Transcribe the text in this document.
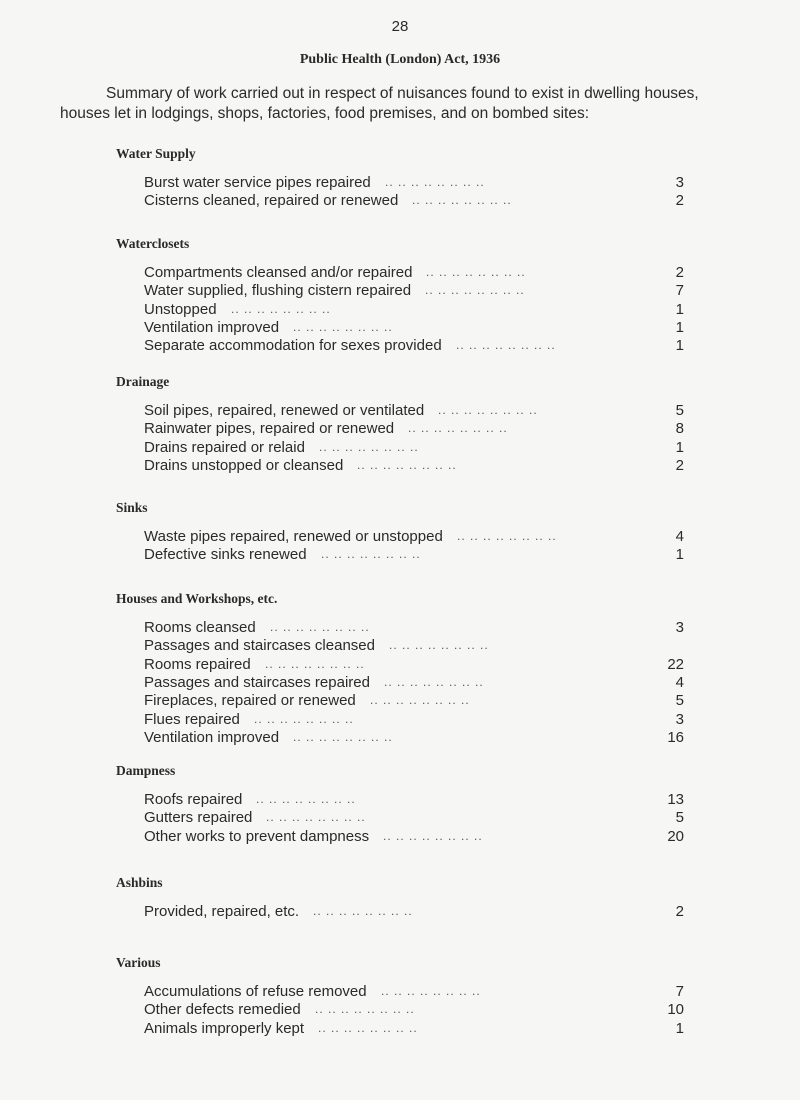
28
Public Health (London) Act, 1936
Summary of work carried out in respect of nuisances found to exist in dwelling houses, houses let in lodgings, shops, factories, food premises, and on bombed sites:
Water Supply
.. .. .. .. .. .. .. ..
Burst water service pipes repaired	3
.. .. .. .. .. .. .. ..
Cisterns cleaned, repaired or renewed	2
Waterclosets
.. .. .. .. .. .. .. ..
Compartments cleansed and/or repaired	2
.. .. .. .. .. .. .. ..
Water supplied, flushing cistern repaired	7
.. .. .. .. .. .. .. ..
Unstopped	1
.. .. .. .. .. .. .. ..
Ventilation improved	1
.. .. .. .. .. .. .. ..
Separate accommodation for sexes provided	1
Drainage
.. .. .. .. .. .. .. ..
Soil pipes, repaired, renewed or ventilated	5
.. .. .. .. .. .. .. ..
Rainwater pipes, repaired or renewed	8
.. .. .. .. .. .. .. ..
Drains repaired or relaid	1
.. .. .. .. .. .. .. ..
Drains unstopped or cleansed	2
Sinks
.. .. .. .. .. .. .. ..
Waste pipes repaired, renewed or unstopped	4
.. .. .. .. .. .. .. ..
Defective sinks renewed	1
Houses and Workshops, etc.
.. .. .. .. .. .. .. ..
Rooms cleansed	3
.. .. .. .. .. .. .. ..
Passages and staircases cleansed
.. .. .. .. .. .. .. ..
Rooms repaired	22
.. .. .. .. .. .. .. ..
Passages and staircases repaired	4
.. .. .. .. .. .. .. ..
Fireplaces, repaired or renewed	5
.. .. .. .. .. .. .. ..
Flues repaired	3
.. .. .. .. .. .. .. ..
Ventilation improved	16
Dampness
.. .. .. .. .. .. .. ..
Roofs repaired	13
.. .. .. .. .. .. .. ..
Gutters repaired	5
.. .. .. .. .. .. .. ..
Other works to prevent dampness	20
Ashbins
.. .. .. .. .. .. .. ..
Provided, repaired, etc.	2
Various
.. .. .. .. .. .. .. ..
Accumulations of refuse removed	7
.. .. .. .. .. .. .. ..
Other defects remedied	10
.. .. .. .. .. .. .. ..
Animals improperly kept	1
